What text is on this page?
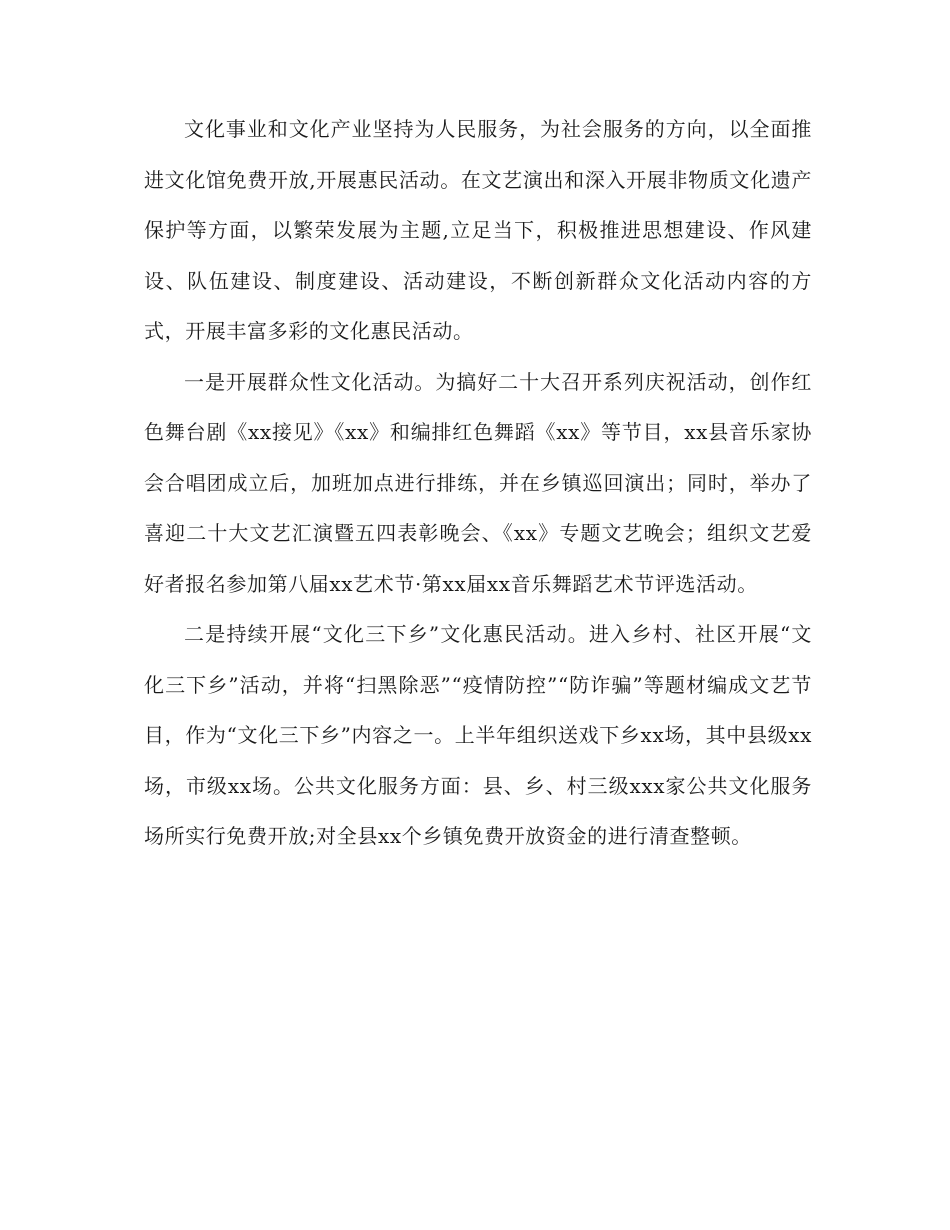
文化事业和文化产业坚持为人民服务，为社会服务的方向，以全面推进文化馆免费开放,开展惠民活动。在文艺演出和深入开展非物质文化遗产保护等方面，以繁荣发展为主题,立足当下，积极推进思想建设、作风建设、队伍建设、制度建设、活动建设，不断创新群众文化活动内容的方式，开展丰富多彩的文化惠民活动。

一是开展群众性文化活动。为搞好二十大召开系列庆祝活动，创作红色舞台剧《xx接见》《xx》和编排红色舞蹈《xx》等节目，xx县音乐家协会合唱团成立后，加班加点进行排练，并在乡镇巡回演出；同时，举办了喜迎二十大文艺汇演暨五四表彰晚会、《xx》专题文艺晚会；组织文艺爱好者报名参加第八届xx艺术节·第xx届xx音乐舞蹈艺术节评选活动。

二是持续开展“文化三下乡”文化惠民活动。进入乡村、社区开展“文化三下乡”活动，并将“扫黑除恶”“疫情防控”“防诈骗”等题材编成文艺节目，作为“文化三下乡”内容之一。上半年组织送戏下乡xx场，其中县级xx场，市级xx场。公共文化服务方面：县、乡、村三级xxx家公共文化服务场所实行免费开放;对全县xx个乡镇免费开放资金的进行清查整顿。
